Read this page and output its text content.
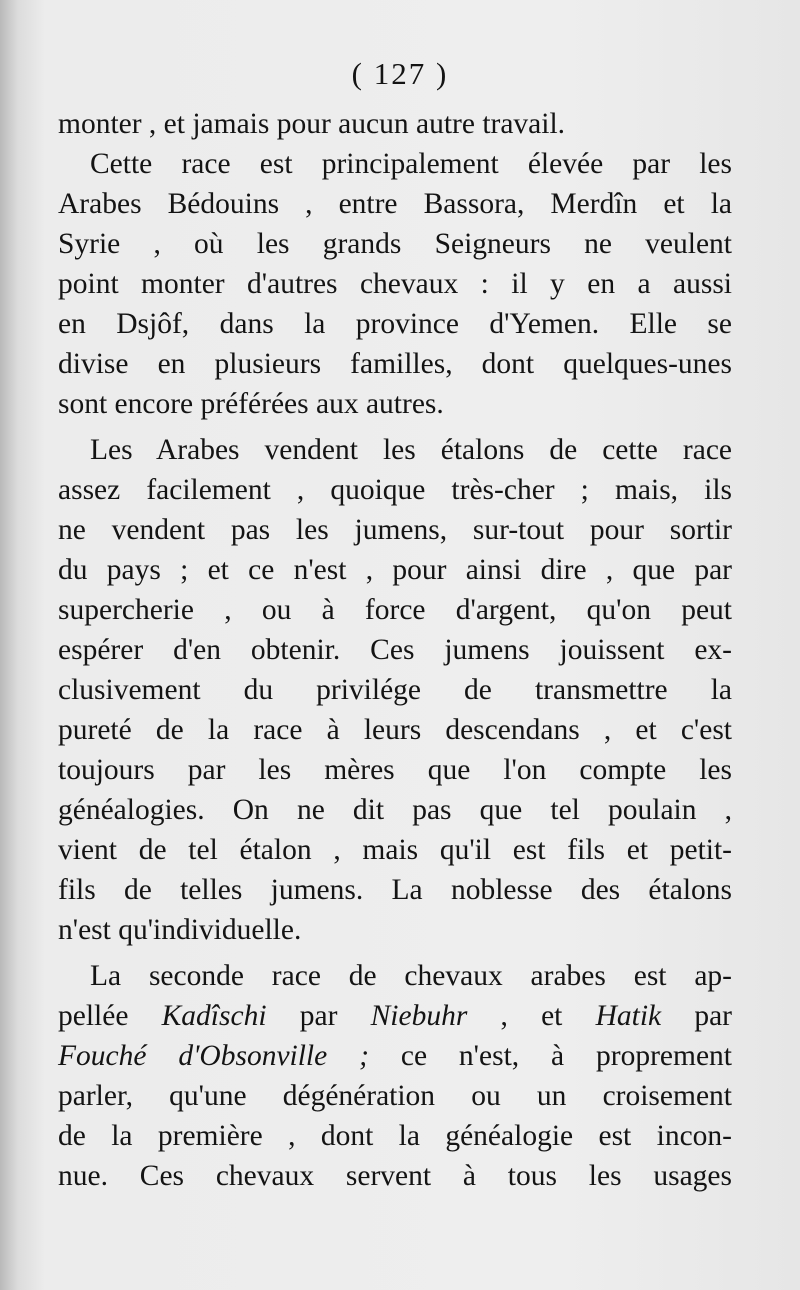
( 127 )
monter , et jamais pour aucun autre travail.
Cette race est principalement élevée par les
Arabes Bédouins , entre Bassora, Merdîn et la
Syrie , où les grands Seigneurs ne veulent
point monter d'autres chevaux : il y en a aussi
en Dsjôf, dans la province d'Yemen. Elle se
divise en plusieurs familles, dont quelques-unes
sont encore préférées aux autres.
Les Arabes vendent les étalons de cette race
assez facilement , quoique très-cher ; mais, ils
ne vendent pas les jumens, sur-tout pour sortir
du pays ; et ce n'est , pour ainsi dire , que par
supercherie , ou à force d'argent, qu'on peut
espérer d'en obtenir. Ces jumens jouissent ex-
clusivement du privilége de transmettre la
pureté de la race à leurs descendans , et c'est
toujours par les mères que l'on compte les
généalogies. On ne dit pas que tel poulain ,
vient de tel étalon , mais qu'il est fils et petit-
fils de telles jumens. La noblesse des étalons
n'est qu'individuelle.
La seconde race de chevaux arabes est ap-
pellée Kadîschi par Niebuhr , et Hatik par
Fouché d'Obsonville ; ce n'est, à proprement
parler, qu'une dégénération ou un croisement
de la première , dont la généalogie est incon-
nue. Ces chevaux servent à tous les usages
